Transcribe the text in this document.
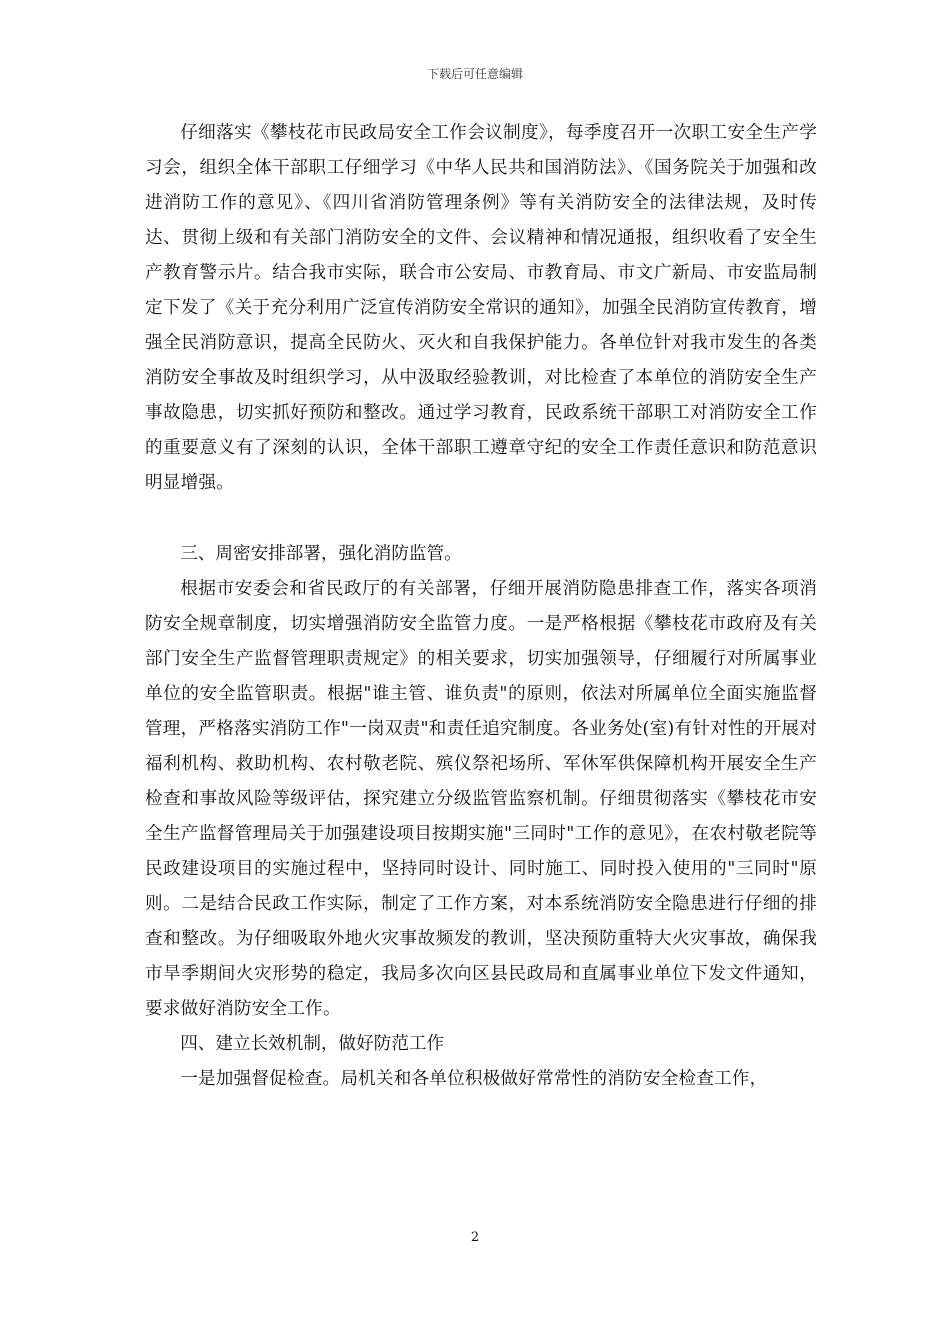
下载后可任意编辑

仔细落实《攀枝花市民政局安全工作会议制度》，每季度召开一次职工安全生产学习会，组织全体干部职工仔细学习《中华人民共和国消防法》、《国务院关于加强和改进消防工作的意见》、《四川省消防管理条例》等有关消防安全的法律法规，及时传达、贯彻上级和有关部门消防安全的文件、会议精神和情况通报，组织收看了安全生产教育警示片。结合我市实际，联合市公安局、市教育局、市文广新局、市安监局制定下发了《关于充分利用广泛宣传消防安全常识的通知》，加强全民消防宣传教育，增强全民消防意识，提高全民防火、灭火和自我保护能力。各单位针对我市发生的各类消防安全事故及时组织学习，从中汲取经验教训，对比检查了本单位的消防安全生产事故隐患，切实抓好预防和整改。通过学习教育，民政系统干部职工对消防安全工作的重要意义有了深刻的认识，全体干部职工遵章守纪的安全工作责任意识和防范意识明显增强。

三、周密安排部署，强化消防监管。

根据市安委会和省民政厅的有关部署，仔细开展消防隐患排查工作，落实各项消防安全规章制度，切实增强消防安全监管力度。一是严格根据《攀枝花市政府及有关部门安全生产监督管理职责规定》的相关要求，切实加强领导，仔细履行对所属事业单位的安全监管职责。根据"谁主管、谁负责"的原则，依法对所属单位全面实施监督管理，严格落实消防工作"一岗双责"和责任追究制度。各业务处(室)有针对性的开展对福利机构、救助机构、农村敬老院、殡仪祭祀场所、军休军供保障机构开展安全生产检查和事故风险等级评估，探究建立分级监管监察机制。仔细贯彻落实《攀枝花市安全生产监督管理局关于加强建设项目按期实施"三同时"工作的意见》，在农村敬老院等民政建设项目的实施过程中，坚持同时设计、同时施工、同时投入使用的"三同时"原则。二是结合民政工作实际，制定了工作方案，对本系统消防安全隐患进行仔细的排查和整改。为仔细吸取外地火灾事故频发的教训，坚决预防重特大火灾事故，确保我市旱季期间火灾形势的稳定，我局多次向区县民政局和直属事业单位下发文件通知，要求做好消防安全工作。

四、建立长效机制，做好防范工作

一是加强督促检查。局机关和各单位积极做好常常性的消防安全检查工作，

2
